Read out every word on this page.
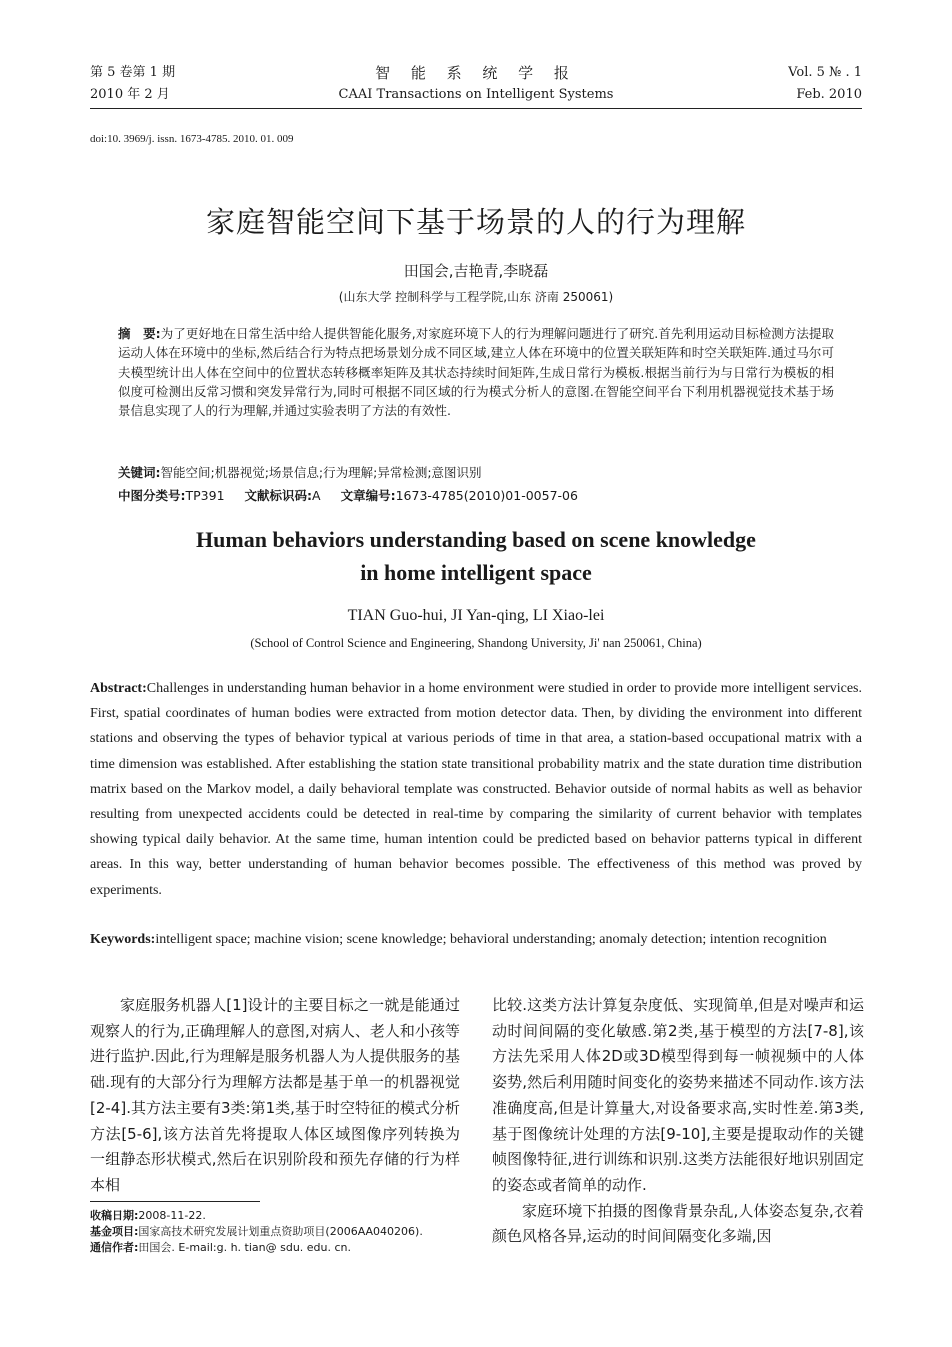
第 5 卷第 1 期
2010 年 2 月
智 能 系 统 学 报
CAAI Transactions on Intelligent Systems
Vol. 5 № . 1
Feb. 2010
doi:10. 3969/j. issn. 1673-4785. 2010. 01. 009
家庭智能空间下基于场景的人的行为理解
田国会,吉艳青,李晓磊
(山东大学 控制科学与工程学院,山东 济南 250061)
摘　要:为了更好地在日常生活中给人提供智能化服务,对家庭环境下人的行为理解问题进行了研究.首先利用运动目标检测方法提取运动人体在环境中的坐标,然后结合行为特点把场景划分成不同区域,建立人体在环境中的位置关联矩阵和时空关联矩阵.通过马尔可夫模型统计出人体在空间中的位置状态转移概率矩阵及其状态持续时间矩阵,生成日常行为模板.根据当前行为与日常行为模板的相似度可检测出反常习惯和突发异常行为,同时可根据不同区域的行为模式分析人的意图.在智能空间平台下利用机器视觉技术基于场景信息实现了人的行为理解,并通过实验表明了方法的有效性.
关键词:智能空间;机器视觉;场景信息;行为理解;异常检测;意图识别
中图分类号:TP391 文献标识码:A 文章编号:1673-4785(2010)01-0057-06
Human behaviors understanding based on scene knowledge
in home intelligent space
TIAN Guo-hui, JI Yan-qing, LI Xiao-lei
(School of Control Science and Engineering, Shandong University, Ji' nan 250061, China)
Abstract:Challenges in understanding human behavior in a home environment were studied in order to provide more intelligent services. First, spatial coordinates of human bodies were extracted from motion detector data. Then, by dividing the environment into different stations and observing the types of behavior typical at various periods of time in that area, a station-based occupational matrix with a time dimension was established. After establishing the station state transitional probability matrix and the state duration time distribution matrix based on the Markov model, a daily behavioral template was constructed. Behavior outside of normal habits as well as behavior resulting from unexpected accidents could be detected in real-time by comparing the similarity of current behavior with templates showing typical daily behavior. At the same time, human intention could be predicted based on behavior patterns typical in different areas. In this way, better understanding of human behavior becomes possible. The effectiveness of this method was proved by experiments.
Keywords:intelligent space; machine vision; scene knowledge; behavioral understanding; anomaly detection; intention recognition

家庭服务机器人[1]设计的主要目标之一就是能通过观察人的行为,正确理解人的意图,对病人、老人和小孩等进行监护.因此,行为理解是服务机器人为人提供服务的基础.现有的大部分行为理解方法都是基于单一的机器视觉[2-4].其方法主要有3类:第1类,基于时空特征的模式分析方法[5-6],该方法首先将提取人体区域图像序列转换为一组静态形状模式,然后在识别阶段和预先存储的行为样本相

比较.这类方法计算复杂度低、实现简单,但是对噪声和运动时间间隔的变化敏感.第2类,基于模型的方法[7-8],该方法先采用人体2D或3D模型得到每一帧视频中的人体姿势,然后利用随时间变化的姿势来描述不同动作.该方法准确度高,但是计算量大,对设备要求高,实时性差.第3类,基于图像统计处理的方法[9-10],主要是提取动作的关键帧图像特征,进行训练和识别.这类方法能很好地识别固定的姿态或者简单的动作.

家庭环境下拍摄的图像背景杂乱,人体姿态复杂,衣着颜色风格各异,运动的时间间隔变化多端,因

收稿日期:2008-11-22.
基金项目:国家高技术研究发展计划重点资助项目(2006AA040206).
通信作者:田国会. E-mail:g. h. tian@ sdu. edu. cn.
